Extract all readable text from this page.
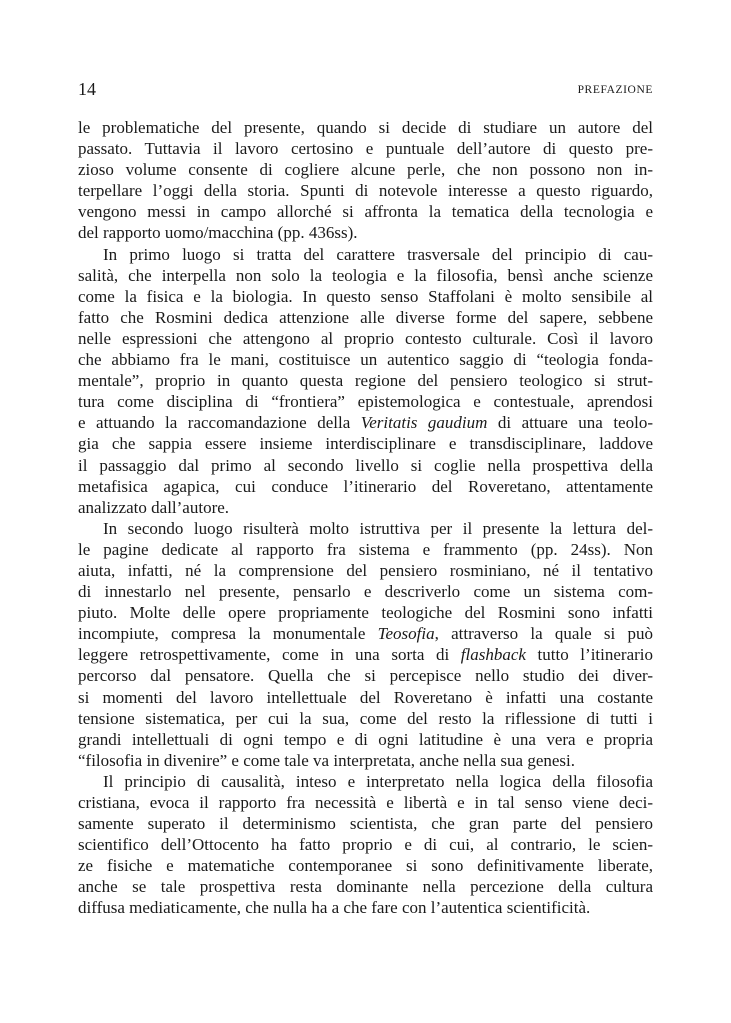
14	PREFAZIONE
le problematiche del presente, quando si decide di studiare un autore del
passato. Tuttavia il lavoro certosino e puntuale dell’autore di questo pre-
zioso volume consente di cogliere alcune perle, che non possono non in-
terpellare l’oggi della storia. Spunti di notevole interesse a questo riguardo,
vengono messi in campo allorché si affronta la tematica della tecnologia e
del rapporto uomo/macchina (pp. 436ss).
In primo luogo si tratta del carattere trasversale del principio di cau-
salità, che interpella non solo la teologia e la filosofia, bensì anche scienze
come la fisica e la biologia. In questo senso Staffolani è molto sensibile al
fatto che Rosmini dedica attenzione alle diverse forme del sapere, sebbene
nelle espressioni che attengono al proprio contesto culturale. Così il lavoro
che abbiamo fra le mani, costituisce un autentico saggio di “teologia fonda-
mentale”, proprio in quanto questa regione del pensiero teologico si strut-
tura come disciplina di “frontiera” epistemologica e contestuale, aprendosi
e attuando la raccomandazione della Veritatis gaudium di attuare una teolo-
gia che sappia essere insieme interdisciplinare e transdisciplinare, laddove
il passaggio dal primo al secondo livello si coglie nella prospettiva della
metafisica agapica, cui conduce l’itinerario del Roveretano, attentamente
analizzato dall’autore.
In secondo luogo risulterà molto istruttiva per il presente la lettura del-
le pagine dedicate al rapporto fra sistema e frammento (pp. 24ss). Non
aiuta, infatti, né la comprensione del pensiero rosminiano, né il tentativo
di innestarlo nel presente, pensarlo e descriverlo come un sistema com-
piuto. Molte delle opere propriamente teologiche del Rosmini sono infatti
incompiute, compresa la monumentale Teosofia, attraverso la quale si può
leggere retrospettivamente, come in una sorta di flashback tutto l’itinerario
percorso dal pensatore. Quella che si percepisce nello studio dei diver-
si momenti del lavoro intellettuale del Roveretano è infatti una costante
tensione sistematica, per cui la sua, come del resto la riflessione di tutti i
grandi intellettuali di ogni tempo e di ogni latitudine è una vera e propria
“filosofia in divenire” e come tale va interpretata, anche nella sua genesi.
Il principio di causalità, inteso e interpretato nella logica della filosofia
cristiana, evoca il rapporto fra necessità e libertà e in tal senso viene deci-
samente superato il determinismo scientista, che gran parte del pensiero
scientifico dell’Ottocento ha fatto proprio e di cui, al contrario, le scien-
ze fisiche e matematiche contemporanee si sono definitivamente liberate,
anche se tale prospettiva resta dominante nella percezione della cultura
diffusa mediaticamente, che nulla ha a che fare con l’autentica scientificità.
